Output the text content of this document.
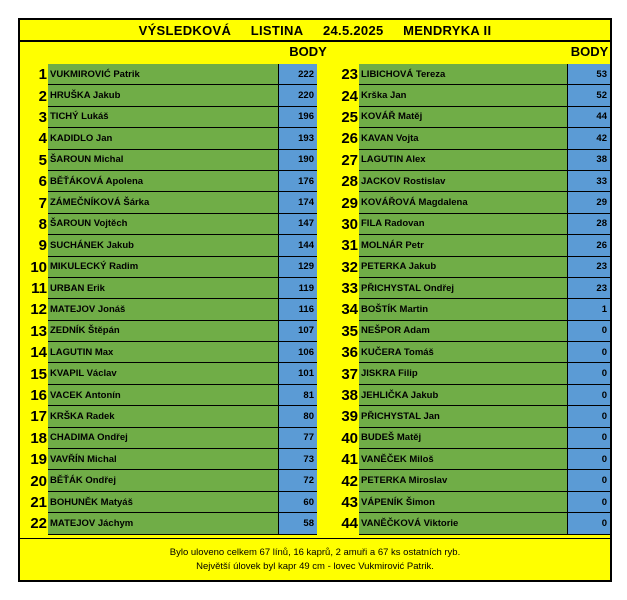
VÝSLEDKOVÁ
LISTINA
24.5.2025
MENDRYKA II
BODY	BODY
1 VUKMIROVIĆ Patrik	222
2 HRUŠKA Jakub	220
3 TICHÝ Lukáš	196
4 KADIDLO Jan	193
5 ŠAROUN Michal	190
6 BĚŤÁKOVÁ Apolena	176
7 ZÁMEČNÍKOVÁ Šárka	174
8 ŠAROUN Vojtěch	147
9 SUCHÁNEK Jakub	144
10 MIKULECKÝ Radim	129
11 URBAN Erik	119
12 MATEJOV Jonáš	116
13 ZEDNÍK Štěpán	107
14 LAGUTIN Max	106
15 KVAPIL Václav	101
16 VACEK Antonín	81
17 KRŠKA Radek	80
18 CHADIMA Ondřej	77
19 VAVŘÍN Michal	73
20 BĚŤÁK Ondřej	72
21 BOHUNĚK Matyáš	60
22 MATEJOV Jáchym	58
23 LIBICHOVÁ Tereza	53
24 Krška Jan	52
25 KOVÁŘ Matěj	44
26 KAVAN Vojta	42
27 LAGUTIN Alex	38
28 JACKOV Rostislav	33
29 KOVÁŘOVÁ Magdalena	29
30 FILA Radovan	28
31 MOLNÁR Petr	26
32 PETERKA Jakub	23
33 PŘICHYSTAL Ondřej	23
34 BOŠTÍK Martin	1
35 NEŠPOR Adam	0
36 KUČERA Tomáš	0
37 JISKRA Filip	0
38 JEHLIČKA Jakub	0
39 PŘICHYSTAL Jan	0
40 BUDEŠ Matěj	0
41 VANĚČEK Miloš	0
42 PETERKA Miroslav	0
43 VÁPENÍK Šimon	0
44 VANĚČKOVÁ Viktorie	0
Bylo uloveno celkem 67 línů, 16 kaprů, 2 amuři a 67 ks ostatních ryb.
Největší úlovek byl kapr 49 cm - lovec Vukmirović Patrik.
